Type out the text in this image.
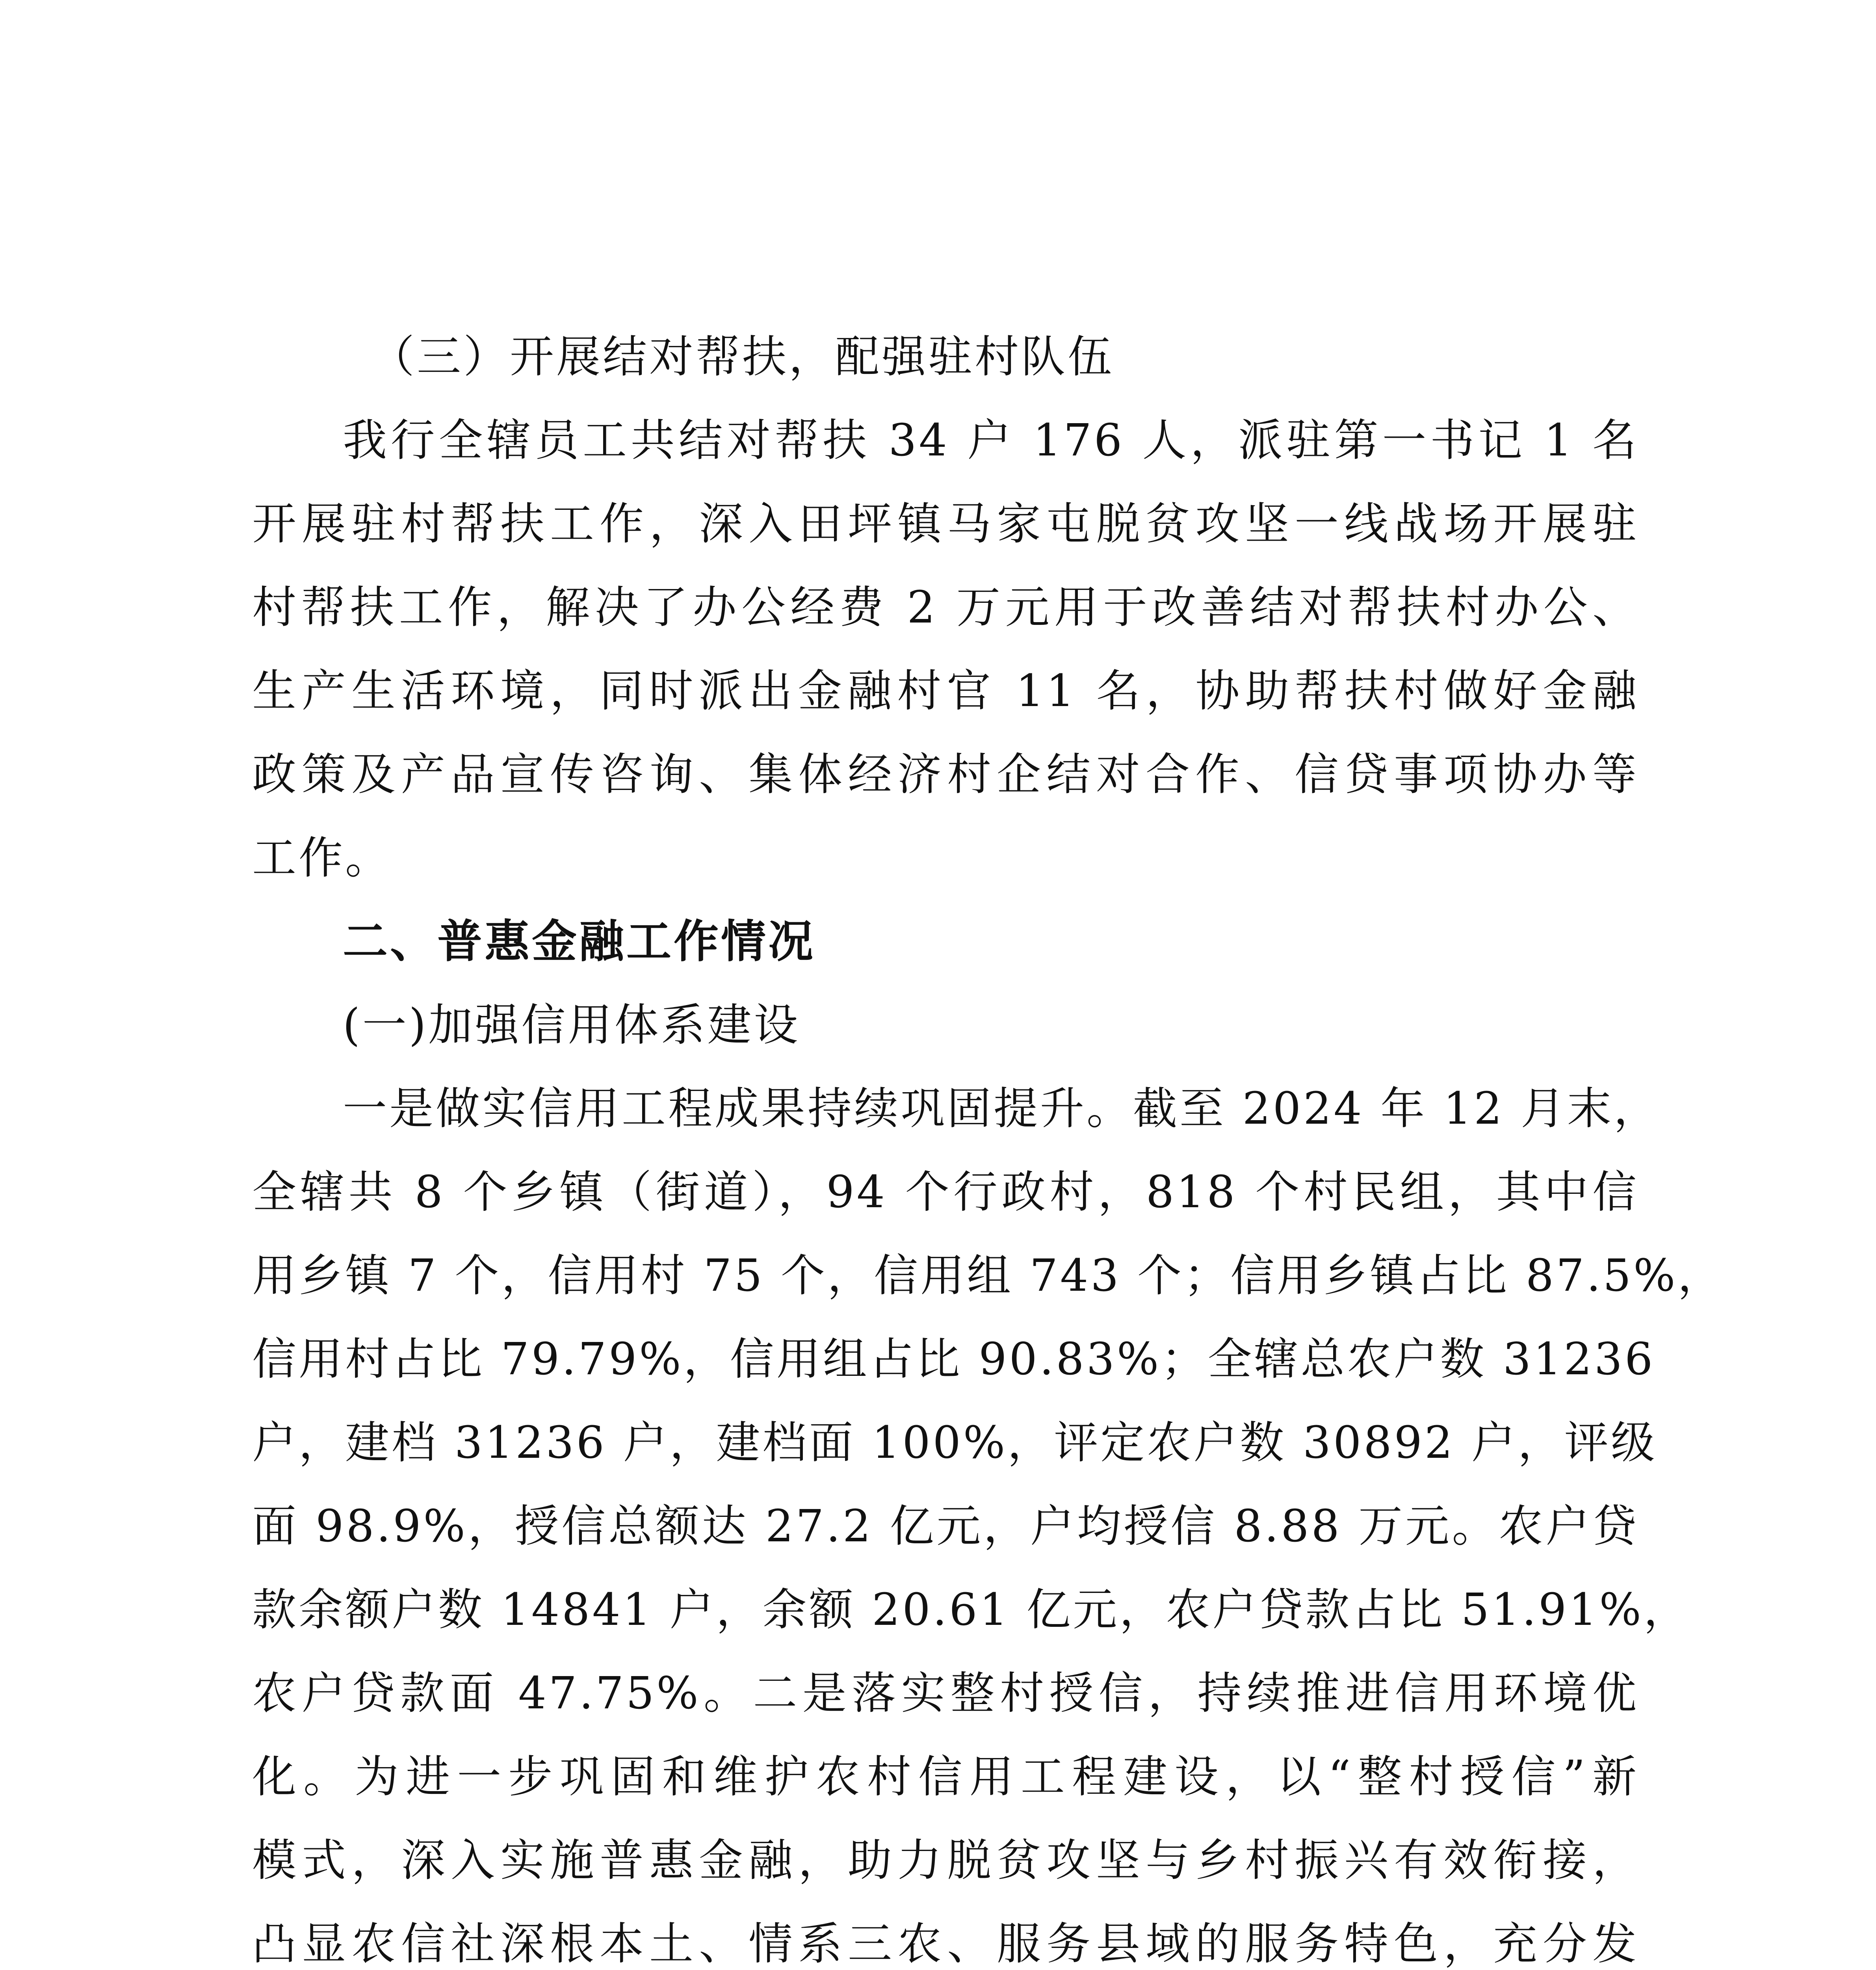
（三）开展结对帮扶，配强驻村队伍
我行全辖员工共结对帮扶 34 户 176 人，派驻第一书记 1 名
开展驻村帮扶工作，深入田坪镇马家屯脱贫攻坚一线战场开展驻
村帮扶工作，解决了办公经费 2 万元用于改善结对帮扶村办公、
生产生活环境，同时派出金融村官 11 名，协助帮扶村做好金融
政策及产品宣传咨询、集体经济村企结对合作、信贷事项协办等
工作。
二、普惠金融工作情况
(一)加强信用体系建设
一是做实信用工程成果持续巩固提升。截至 2024 年 12 月末，
全辖共 8 个乡镇（街道），94 个行政村，818 个村民组，其中信
用乡镇 7 个，信用村 75 个，信用组 743 个；信用乡镇占比 87.5%，
信用村占比 79.79%，信用组占比 90.83%；全辖总农户数 31236
户，建档 31236 户，建档面 100%，评定农户数 30892 户，评级
面 98.9%，授信总额达 27.2 亿元，户均授信 8.88 万元。农户贷
款余额户数 14841 户，余额 20.61 亿元，农户贷款占比 51.91%，
农户贷款面 47.75%。二是落实整村授信，持续推进信用环境优
化。为进一步巩固和维护农村信用工程建设，以“整村授信”新
模式，深入实施普惠金融，助力脱贫攻坚与乡村振兴有效衔接，
凸显农信社深根本土、情系三农、服务县域的服务特色，充分发
